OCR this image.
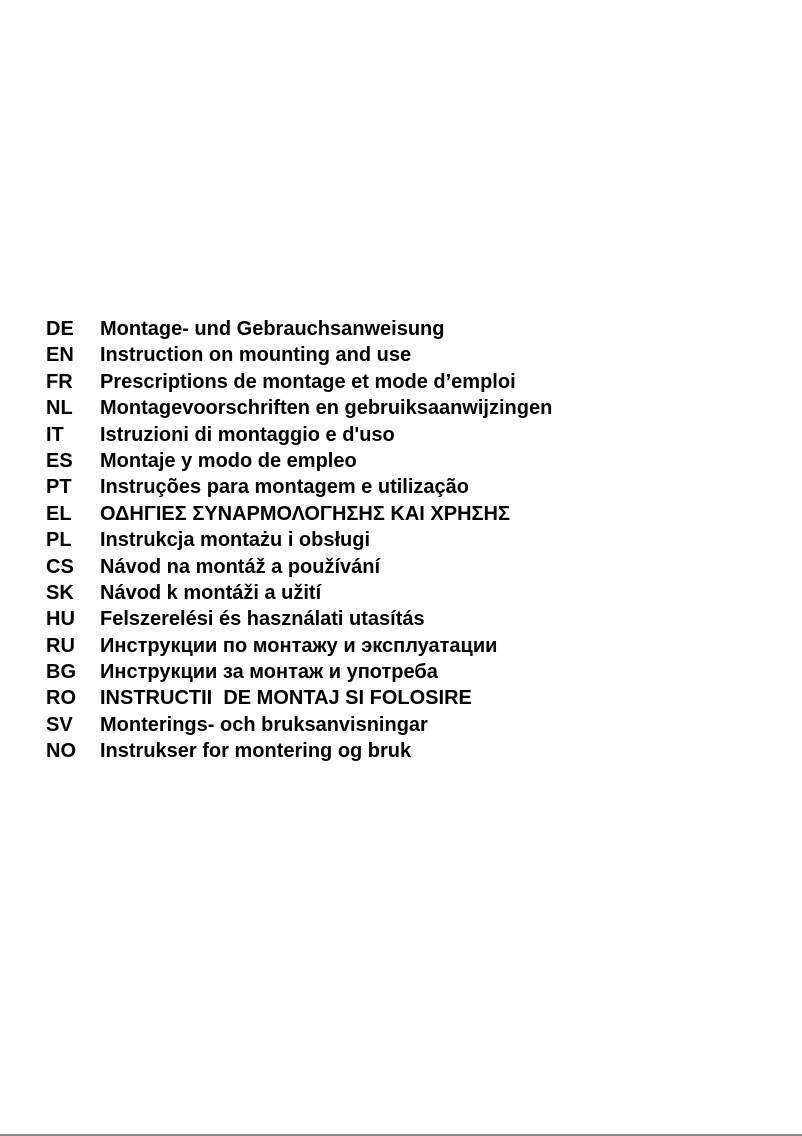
DE	Montage- und Gebrauchsanweisung
EN	Instruction on mounting and use
FR	Prescriptions de montage et mode d’emploi
NL	Montagevoorschriften en gebruiksaanwijzingen
IT	Istruzioni di montaggio e d'uso
ES	Montaje y modo de empleo
PT	Instruções para montagem e utilização
EL	ΟΔΗΓΙΕΣ ΣΥΝΑΡΜΟΛΟΓΗΣΗΣ ΚΑΙ ΧΡΗΣΗΣ
PL	Instrukcja montażu i obsługi
CS	Návod na montáž a používání
SK	Návod k montáži a užití
HU	Felszerelési és használati utasítás
RU	Инструкции по монтажу и эксплуатации
BG	Инструкции за монтаж и употреба
RO	INSTRUCTII  DE MONTAJ SI FOLOSIRE
SV	Monterings- och bruksanvisningar
NO	Instrukser for montering og bruk
